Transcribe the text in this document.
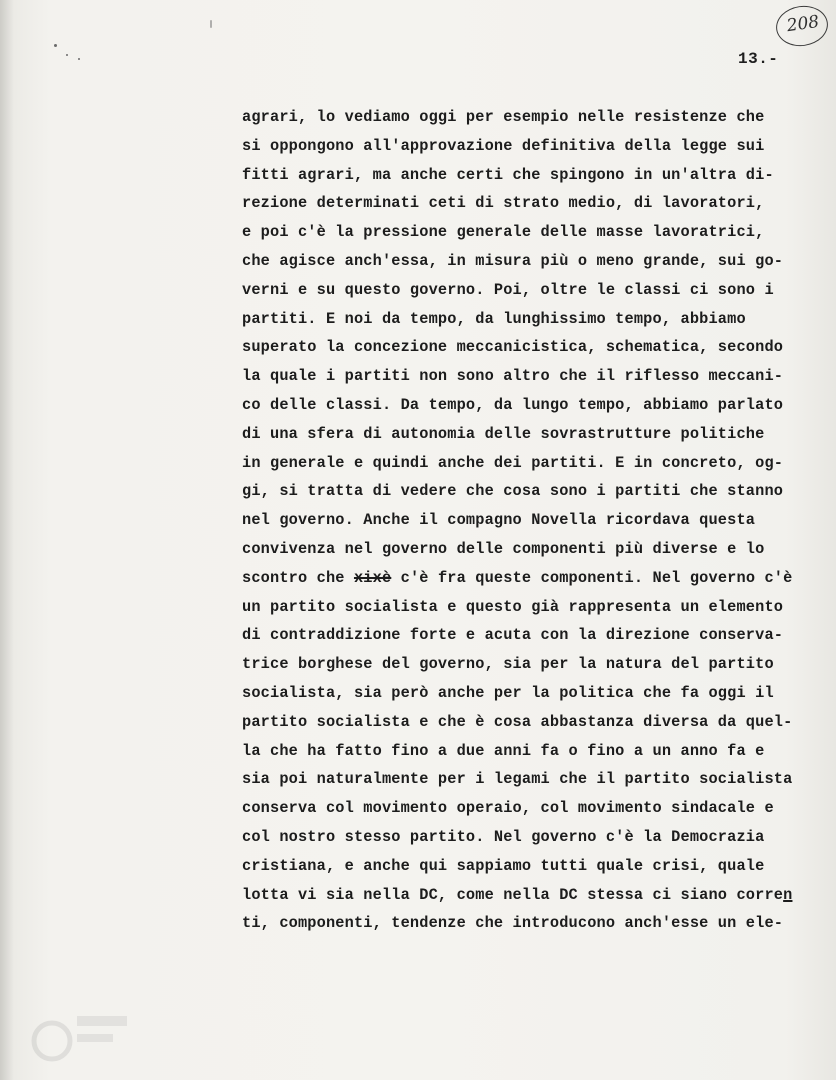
208
13.-
agrari, lo vediamo oggi per esempio nelle resistenze che
si oppongono all'approvazione definitiva della legge sui
fitti agrari, ma anche certi che spingono in un'altra di-
rezione determinati ceti di strato medio, di lavoratori,
e poi c'è la pressione generale delle masse lavoratrici,
che agisce anch'essa, in misura più o meno grande, sui go-
verni e su questo governo. Poi, oltre le classi ci sono i
partiti. E noi da tempo, da lunghissimo tempo, abbiamo
superato la concezione meccanicistica, schematica, secondo
la quale i partiti non sono altro che il riflesso meccani-
co delle classi. Da tempo, da lungo tempo, abbiamo parlato
di una sfera di autonomia delle sovrastrutture politiche
in generale e quindi anche dei partiti. E in concreto, og-
gi, si tratta di vedere che cosa sono i partiti che stanno
nel governo. Anche il compagno Novella ricordava questa
convivenza nel governo delle componenti più diverse e lo
scontro che xixè c'è fra queste componenti. Nel governo c'è
un partito socialista e questo già rappresenta un elemento
di contraddizione forte e acuta con la direzione conserva-
trice borghese del governo, sia per la natura del partito
socialista, sia però anche per la politica che fa oggi il
partito socialista e che è cosa abbastanza diversa da quel-
la che ha fatto fino a due anni fa o fino a un anno fa e
sia poi naturalmente per i legami che il partito socialista
conserva col movimento operaio, col movimento sindacale e
col nostro stesso partito. Nel governo c'è la Democrazia
cristiana, e anche qui sappiamo tutti quale crisi, quale
lotta vi sia nella DC, come nella DC stessa ci siano corren
ti, componenti, tendenze che introducono anch'esse un ele-
